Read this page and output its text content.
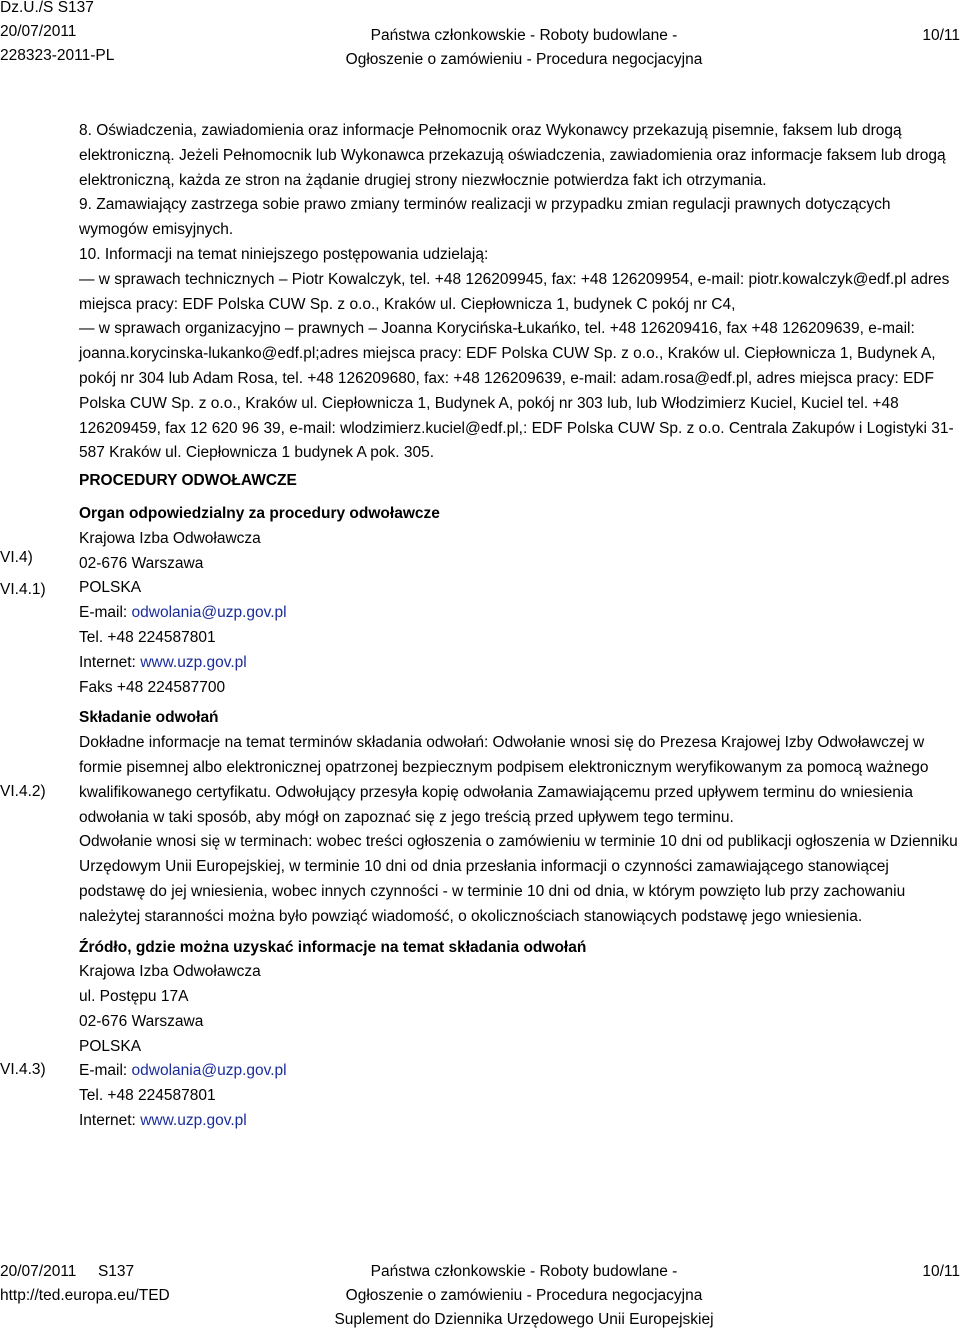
Dz.U./S S137
20/07/2011
228323-2011-PL
Państwa członkowskie - Roboty budowlane -
Ogłoszenie o zamówieniu - Procedura negocjacyjna
10/11
VI.4)
VI.4.1)
VI.4.2)
VI.4.3)

8. Oświadczenia, zawiadomienia oraz informacje Pełnomocnik oraz Wykonawcy przekazują pisemnie, faksem lub drogą elektroniczną. Jeżeli Pełnomocnik lub Wykonawca przekazują oświadczenia, zawiadomienia oraz informacje faksem lub drogą elektroniczną, każda ze stron na żądanie drugiej strony niezwłocznie potwierdza fakt ich otrzymania.

9. Zamawiający zastrzega sobie prawo zmiany terminów realizacji w przypadku zmian regulacji prawnych dotyczących wymogów emisyjnych.

10. Informacji na temat niniejszego postępowania udzielają:

— w sprawach technicznych – Piotr Kowalczyk, tel. +48 126209945, fax: +48 126209954, e-mail: piotr.kowalczyk@edf.pl adres miejsca pracy: EDF Polska CUW Sp. z o.o., Kraków ul. Ciepłownicza 1, budynek C pokój nr C4,

— w sprawach organizacyjno – prawnych – Joanna Korycińska-Łukańko, tel. +48 126209416, fax +48 126209639, e-mail: joanna.korycinska-lukanko@edf.pl;adres miejsca pracy: EDF Polska CUW Sp. z o.o., Kraków ul. Ciepłownicza 1, Budynek A, pokój nr 304 lub Adam Rosa, tel. +48 126209680, fax: +48 126209639, e-mail: adam.rosa@edf.pl, adres miejsca pracy: EDF Polska CUW Sp. z o.o., Kraków ul. Ciepłownicza 1, Budynek A, pokój nr 303 lub, lub Włodzimierz Kuciel, Kuciel tel. +48 126209459, fax 12 620 96 39, e-mail: wlodzimierz.kuciel@edf.pl,: EDF Polska CUW Sp. z o.o. Centrala Zakupów i Logistyki 31-587 Kraków ul. Ciepłownicza 1 budynek A pok. 305.

PROCEDURY ODWOŁAWCZE

Organ odpowiedzialny za procedury odwoławcze

Krajowa Izba Odwoławcza

02-676 Warszawa

POLSKA

E-mail: odwolania@uzp.gov.pl

Tel. +48 224587801

Internet: www.uzp.gov.pl

Faks +48 224587700

Składanie odwołań

Dokładne informacje na temat terminów składania odwołań: Odwołanie wnosi się do Prezesa Krajowej Izby Odwoławczej w formie pisemnej albo elektronicznej opatrzonej bezpiecznym podpisem elektronicznym weryfikowanym za pomocą ważnego kwalifikowanego certyfikatu. Odwołujący przesyła kopię odwołania Zamawiającemu przed upływem terminu do wniesienia odwołania w taki sposób, aby mógł on zapoznać się z jego treścią przed upływem tego terminu.

Odwołanie wnosi się w terminach: wobec treści ogłoszenia o zamówieniu w terminie 10 dni od publikacji ogłoszenia w Dzienniku Urzędowym Unii Europejskiej, w terminie 10 dni od dnia przesłania informacji o czynności zamawiającego stanowiącej podstawę do jej wniesienia, wobec innych czynności - w terminie 10 dni od dnia, w którym powzięto lub przy zachowaniu należytej staranności można było powziąć wiadomość, o okolicznościach stanowiących podstawę jego wniesienia.

Źródło, gdzie można uzyskać informacje na temat składania odwołań

Krajowa Izba Odwoławcza

ul. Postępu 17A

02-676 Warszawa

POLSKA

E-mail: odwolania@uzp.gov.pl

Tel. +48 224587801

Internet: www.uzp.gov.pl

20/07/2011     S137
http://ted.europa.eu/TED
Państwa członkowskie - Roboty budowlane -
Ogłoszenie o zamówieniu - Procedura negocjacyjna
Suplement do Dziennika Urzędowego Unii Europejskiej
10/11
